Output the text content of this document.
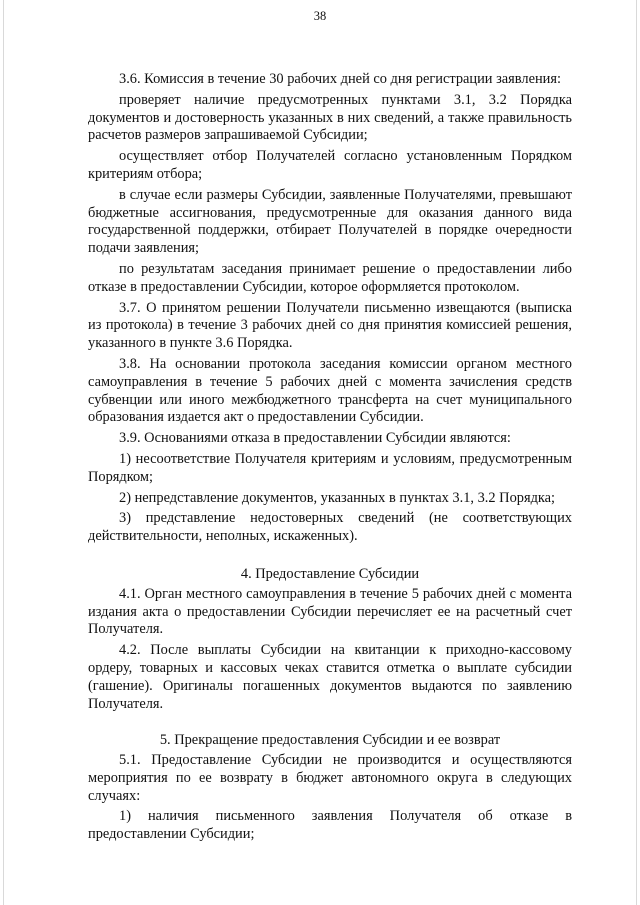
38

3.6. Комиссия в течение 30 рабочих дней со дня регистрации заявления:

проверяет наличие предусмотренных пунктами 3.1, 3.2 Порядка документов и достоверность указанных в них сведений, а также правильность расчетов размеров запрашиваемой Субсидии;

осуществляет отбор Получателей согласно установленным Порядком критериям отбора;

в случае если размеры Субсидии, заявленные Получателями, превышают бюджетные ассигнования, предусмотренные для оказания данного вида государственной поддержки, отбирает Получателей в порядке очередности подачи заявления;

по результатам заседания принимает решение о предоставлении либо отказе в предоставлении Субсидии, которое оформляется протоколом.

3.7. О принятом решении Получатели письменно извещаются (выписка из протокола) в течение 3 рабочих дней со дня принятия комиссией решения, указанного в пункте 3.6 Порядка.

3.8. На основании протокола заседания комиссии органом местного самоуправления в течение 5 рабочих дней с момента зачисления средств субвенции или иного межбюджетного трансферта на счет муниципального образования издается акт о предоставлении Субсидии.

3.9. Основаниями отказа в предоставлении Субсидии являются:

1) несоответствие Получателя критериям и условиям, предусмотренным Порядком;

2) непредставление документов, указанных в пунктах 3.1, 3.2 Порядка;

3) представление недостоверных сведений (не соответствующих действительности, неполных, искаженных).

4. Предоставление Субсидии

4.1. Орган местного самоуправления в течение 5 рабочих дней с момента издания акта о предоставлении Субсидии перечисляет ее на расчетный счет Получателя.

4.2. После выплаты Субсидии на квитанции к приходно-кассовому ордеру, товарных и кассовых чеках ставится отметка о выплате субсидии (гашение). Оригиналы погашенных документов выдаются по заявлению Получателя.

5. Прекращение предоставления Субсидии и ее возврат

5.1. Предоставление Субсидии не производится и осуществляются мероприятия по ее возврату в бюджет автономного округа в следующих случаях:

1) наличия письменного заявления Получателя об отказе в предоставлении Субсидии;
